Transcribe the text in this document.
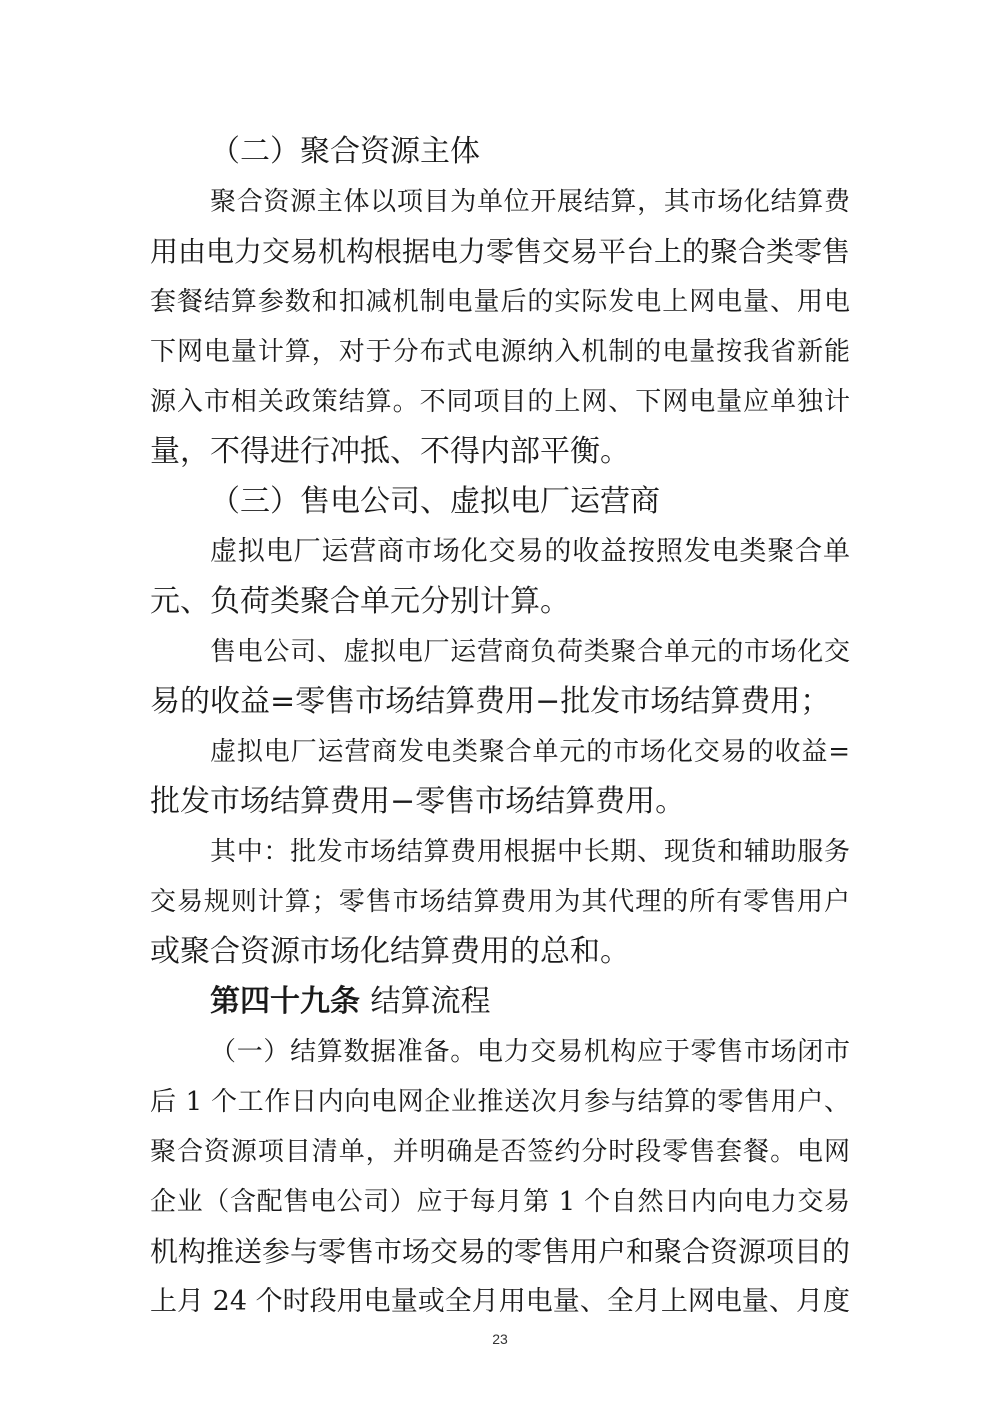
（二）聚合资源主体
聚合资源主体以项目为单位开展结算，其市场化结算费
用由电力交易机构根据电力零售交易平台上的聚合类零售
套餐结算参数和扣减机制电量后的实际发电上网电量、用电
下网电量计算，对于分布式电源纳入机制的电量按我省新能
源入市相关政策结算。不同项目的上网、下网电量应单独计
量，不得进行冲抵、不得内部平衡。
（三）售电公司、虚拟电厂运营商
虚拟电厂运营商市场化交易的收益按照发电类聚合单
元、负荷类聚合单元分别计算。
售电公司、虚拟电厂运营商负荷类聚合单元的市场化交
易的收益=零售市场结算费用−批发市场结算费用；
虚拟电厂运营商发电类聚合单元的市场化交易的收益=
批发市场结算费用−零售市场结算费用。
其中：批发市场结算费用根据中长期、现货和辅助服务
交易规则计算；零售市场结算费用为其代理的所有零售用户
或聚合资源市场化结算费用的总和。
第四十九条 结算流程
（一）结算数据准备。电力交易机构应于零售市场闭市
后 1 个工作日内向电网企业推送次月参与结算的零售用户、
聚合资源项目清单，并明确是否签约分时段零售套餐。电网
企业（含配售电公司）应于每月第 1 个自然日内向电力交易
机构推送参与零售市场交易的零售用户和聚合资源项目的
上月 24 个时段用电量或全月用电量、全月上网电量、月度
23
